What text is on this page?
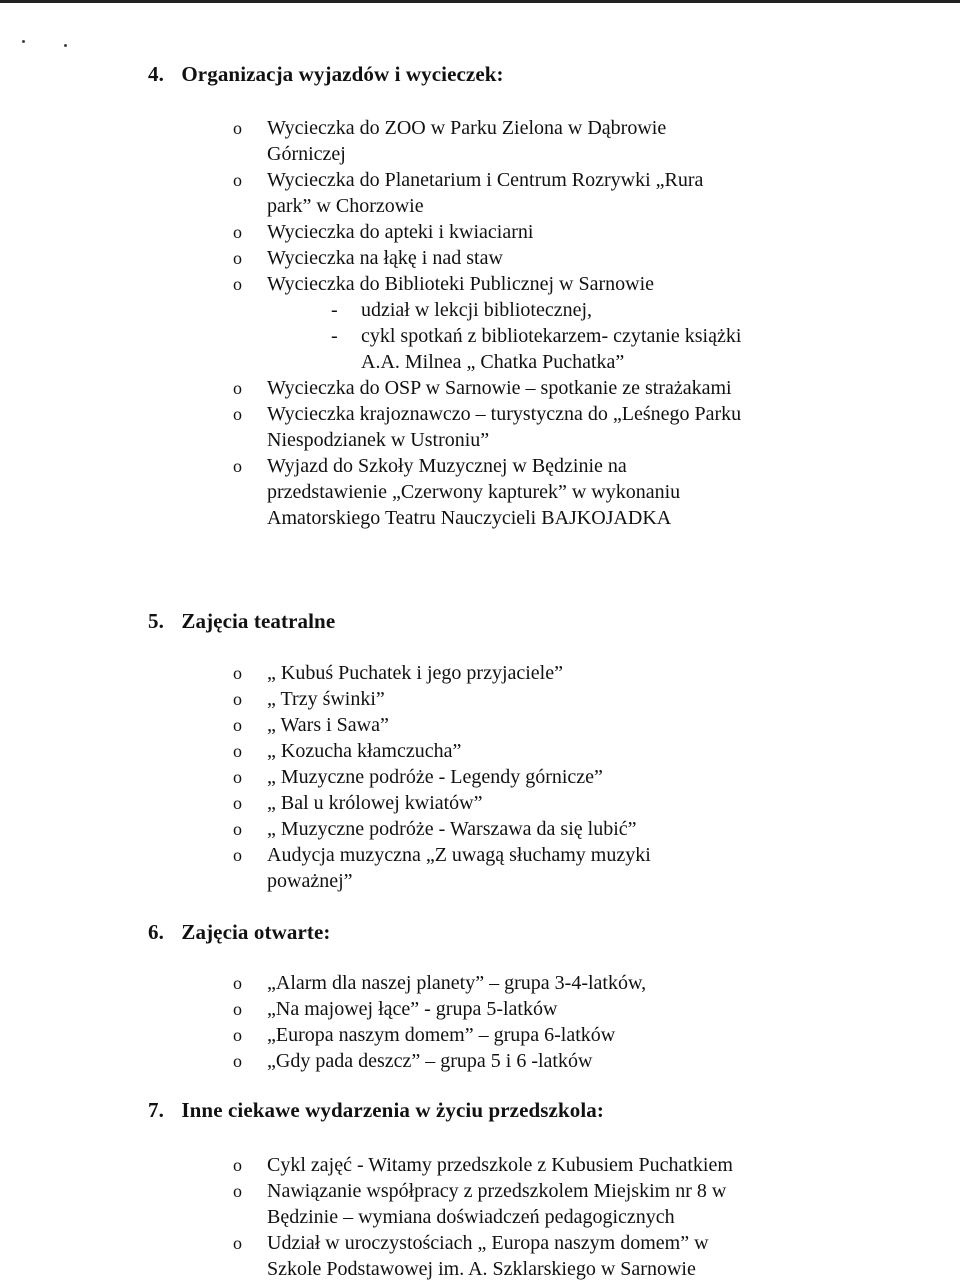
4. Organizacja wyjazdów i wycieczek:
o Wycieczka do ZOO w Parku Zielona w Dąbrowie Górniczej
o Wycieczka do Planetarium i Centrum Rozrywki „Rura park” w Chorzowie
o Wycieczka do apteki i kwiaciarni
o Wycieczka na łąkę i nad staw
o Wycieczka do Biblioteki Publicznej w Sarnowie
- udział w lekcji bibliotecznej,
- cykl spotkań z bibliotekarzem- czytanie książki A.A. Milnea „ Chatka Puchatka”
o Wycieczka do OSP w Sarnowie – spotkanie ze strażakami
o Wycieczka krajoznawczo – turystyczna do „Leśnego Parku Niespodzianek w Ustroniu”
o Wyjazd do Szkoły Muzycznej w Będzinie na przedstawienie „Czerwony kapturek” w wykonaniu Amatorskiego Teatru Nauczycieli BAJKOJADKA
5. Zajęcia teatralne
o „ Kubuś Puchatek i jego przyjaciele”
o „ Trzy świnki”
o „ Wars i Sawa”
o „ Kozucha kłamczucha”
o „ Muzyczne podróże - Legendy górnicze”
o „ Bal u królowej kwiatów”
o „ Muzyczne podróże - Warszawa da się lubić”
o Audycja muzyczna „Z uwagą słuchamy muzyki poważnej”
6. Zajęcia otwarte:
o „Alarm dla naszej planety” – grupa 3-4-latków,
o „Na majowej łące” - grupa 5-latków
o „Europa naszym domem” – grupa 6-latków
o „Gdy pada deszcz” – grupa 5 i 6 -latków
7. Inne ciekawe wydarzenia w życiu przedszkola:
o Cykl zajęć - Witamy przedszkole z Kubusiem Puchatkiem
o Nawiązanie współpracy z przedszkolem Miejskim nr 8 w Będzinie – wymiana doświadczeń pedagogicznych
o Udział w uroczystościach „ Europa naszym domem” w Szkole Podstawowej im. A. Szklarskiego w Sarnowie
